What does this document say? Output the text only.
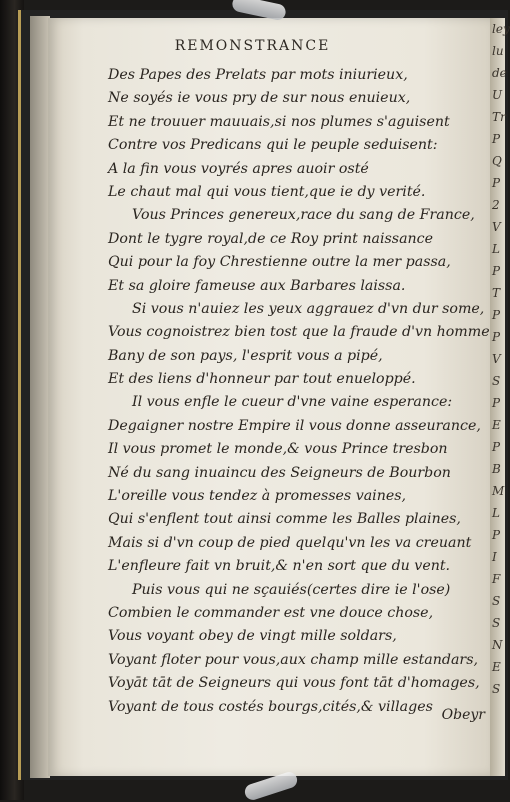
ley
lu
de
U
Tr
P
Q
P
2
V
L
P
T
P
P
V
S
P
E
P
B
M
L
P
I
F
S
S
N
E
S
REMONSTRANCE
Des Papes des Prelats par mots iniurieux,
Ne soyés ie vous pry de sur nous enuieux,
Et ne trouuer mauuais,si nos plumes s'aguisent
Contre vos Predicans qui le peuple seduisent:
A la fin vous voyrés apres auoir osté
Le chaut mal qui vous tient,que ie dy verité.
Vous Princes genereux,race du sang de France,
Dont le tygre royal,de ce Roy print naissance
Qui pour la foy Chrestienne outre la mer passa,
Et sa gloire fameuse aux Barbares laissa.
Si vous n'auiez les yeux aggrauez d'vn dur some,
Vous cognoistrez bien tost que la fraude d'vn homme
Bany de son pays, l'esprit vous a pipé,
Et des liens d'honneur par tout enueloppé.
Il vous enfle le cueur d'vne vaine esperance:
Degaigner nostre Empire il vous donne asseurance,
Il vous promet le monde,& vous Prince tresbon
Né du sang inuaincu des Seigneurs de Bourbon
L'oreille vous tendez à promesses vaines,
Qui s'enflent tout ainsi comme les Balles plaines,
Mais si d'vn coup de pied quelqu'vn les va creuant
L'enfleure fait vn bruit,& n'en sort que du vent.
Puis vous qui ne sçauiés(certes dire ie l'ose)
Combien le commander est vne douce chose,
Vous voyant obey de vingt mille soldars,
Voyant floter pour vous,aux champ mille estandars,
Voyāt tāt de Seigneurs qui vous font tāt d'homages,
Voyant de tous costés bourgs,cités,& villages
Obeyr
